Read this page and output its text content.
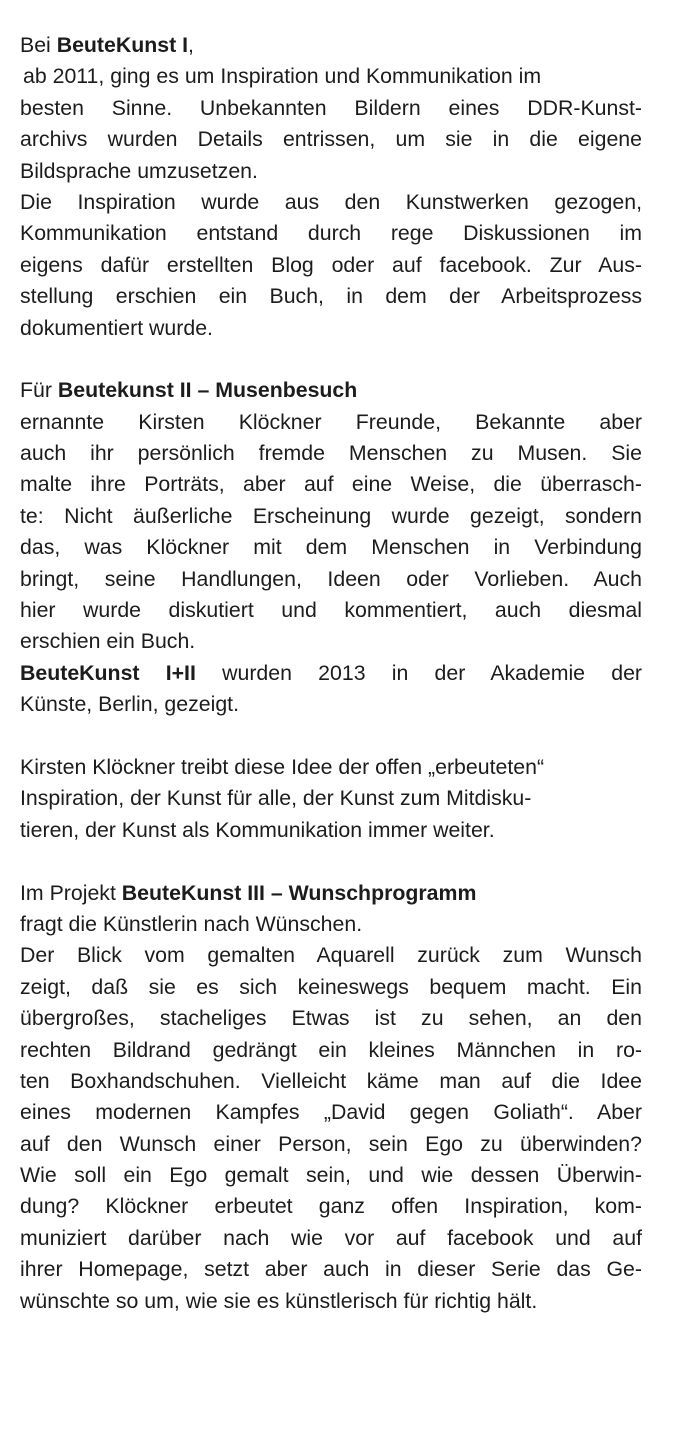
Bei BeuteKunst I,
ab 2011, ging es um Inspiration und Kommunikation im
besten Sinne. Unbekannten Bildern eines DDR-Kunst-
archivs wurden Details entrissen, um sie in die eigene
Bildsprache umzusetzen.
Die Inspiration wurde aus den Kunstwerken gezogen,
Kommunikation entstand durch rege Diskussionen im
eigens dafür erstellten Blog oder auf facebook. Zur Aus-
stellung erschien ein Buch, in dem der Arbeitsprozess
dokumentiert wurde.
Für Beutekunst II – Musenbesuch
ernannte Kirsten Klöckner Freunde, Bekannte aber
auch ihr persönlich fremde Menschen zu Musen. Sie
malte ihre Porträts, aber auf eine Weise, die überrasch-
te: Nicht äußerliche Erscheinung wurde gezeigt, sondern
das, was Klöckner mit dem Menschen in Verbindung
bringt, seine Handlungen, Ideen oder Vorlieben. Auch
hier wurde diskutiert und kommentiert, auch diesmal
erschien ein Buch.
BeuteKunst I+II wurden 2013 in der Akademie der
Künste, Berlin, gezeigt.
Kirsten Klöckner treibt diese Idee der offen „erbeuteten“
Inspiration, der Kunst für alle, der Kunst zum Mitdisku-
tieren, der Kunst als Kommunikation immer weiter.
Im Projekt BeuteKunst III – Wunschprogramm
fragt die Künstlerin nach Wünschen.
Der Blick vom gemalten Aquarell zurück zum Wunsch
zeigt, daß sie es sich keineswegs bequem macht. Ein
übergroßes, stacheliges Etwas ist zu sehen, an den
rechten Bildrand gedrängt ein kleines Männchen in ro-
ten Boxhandschuhen. Vielleicht käme man auf die Idee
eines modernen Kampfes „David gegen Goliath“. Aber
auf den Wunsch einer Person, sein Ego zu überwinden?
Wie soll ein Ego gemalt sein, und wie dessen Überwin-
dung? Klöckner erbeutet ganz offen Inspiration, kom-
muniziert darüber nach wie vor auf facebook und auf
ihrer Homepage, setzt aber auch in dieser Serie das Ge-
wünschte so um, wie sie es künstlerisch für richtig hält.
